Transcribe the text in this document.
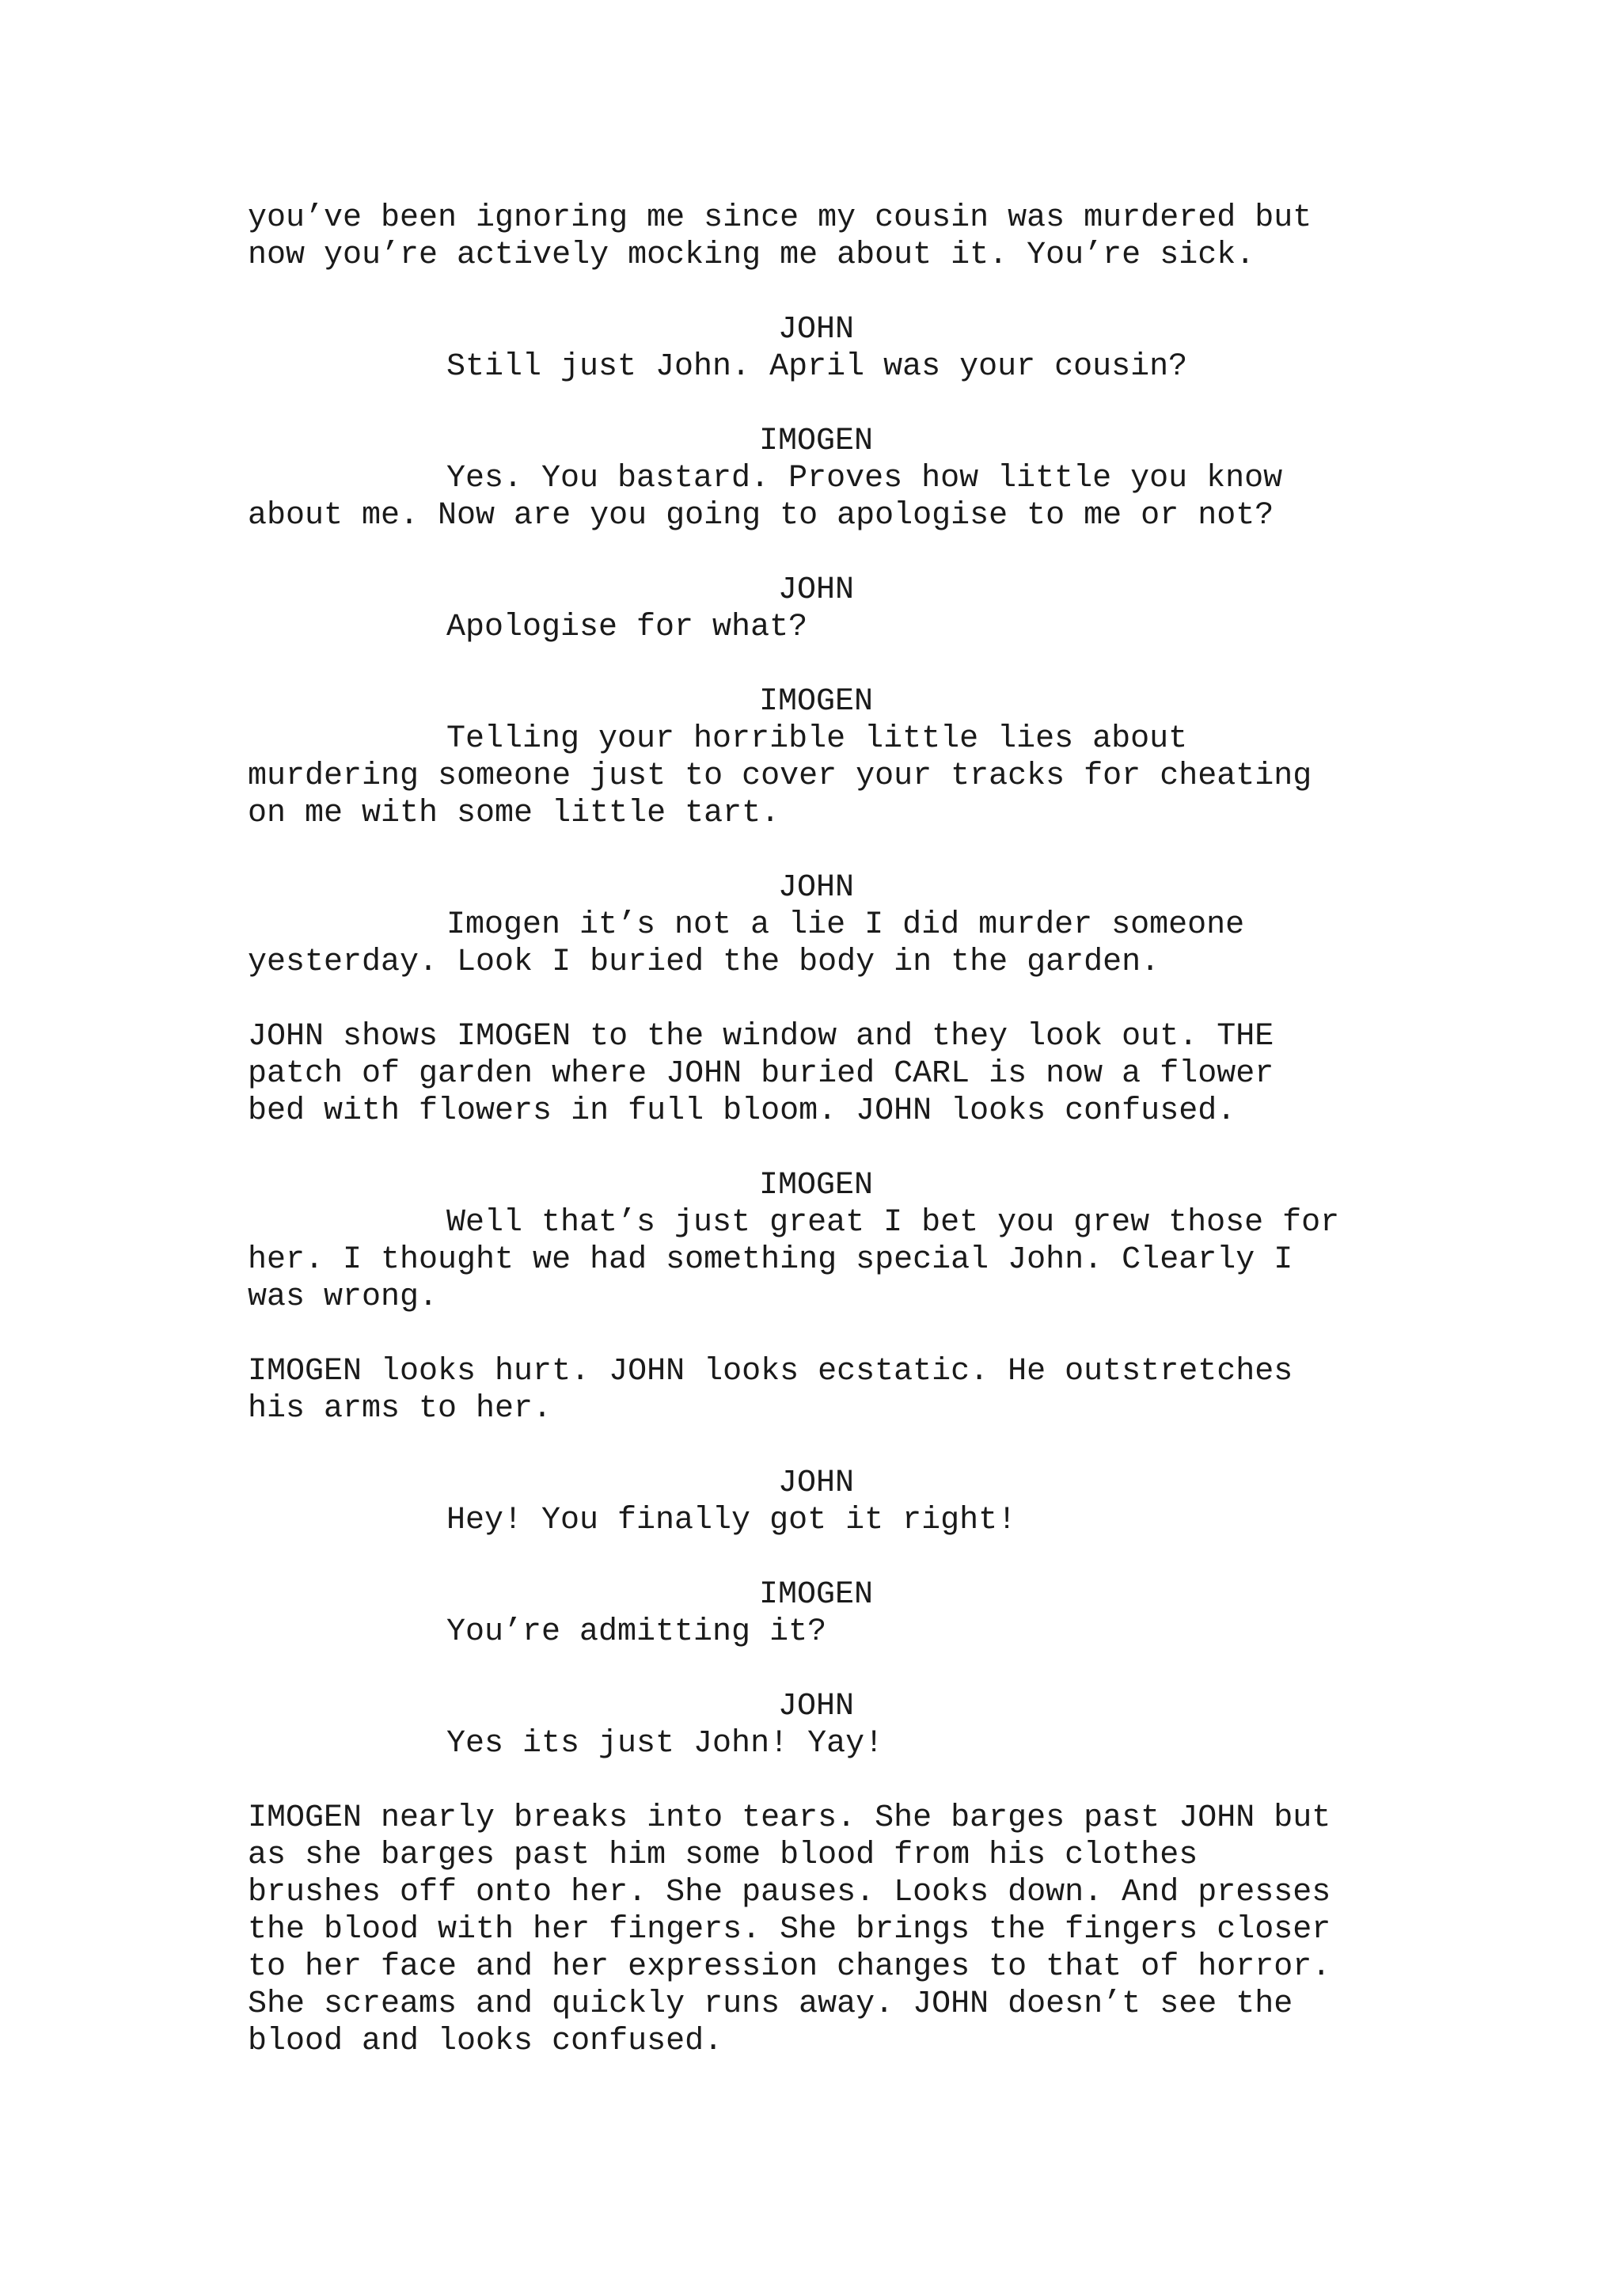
you’ve been ignoring me since my cousin was murdered but

now you’re actively mocking me about it. You’re sick.

JOHN

Still just John. April was your cousin?

IMOGEN

Yes. You bastard. Proves how little you know

about me. Now are you going to apologise to me or not?

JOHN

Apologise for what?

IMOGEN

Telling your horrible little lies about

murdering someone just to cover your tracks for cheating

on me with some little tart.

JOHN

Imogen it’s not a lie I did murder someone

yesterday. Look I buried the body in the garden.

JOHN shows IMOGEN to the window and they look out. THE

patch of garden where JOHN buried CARL is now a flower

bed with flowers in full bloom. JOHN looks confused.

IMOGEN

Well that’s just great I bet you grew those for

her. I thought we had something special John. Clearly I

was wrong.

IMOGEN looks hurt. JOHN looks ecstatic. He outstretches

his arms to her.

JOHN

Hey! You finally got it right!

IMOGEN

You’re admitting it?

JOHN

Yes its just John! Yay!

IMOGEN nearly breaks into tears. She barges past JOHN but

as she barges past him some blood from his clothes

brushes off onto her. She pauses. Looks down. And presses

the blood with her fingers. She brings the fingers closer

to her face and her expression changes to that of horror.

She screams and quickly runs away. JOHN doesn’t see the

blood and looks confused.
